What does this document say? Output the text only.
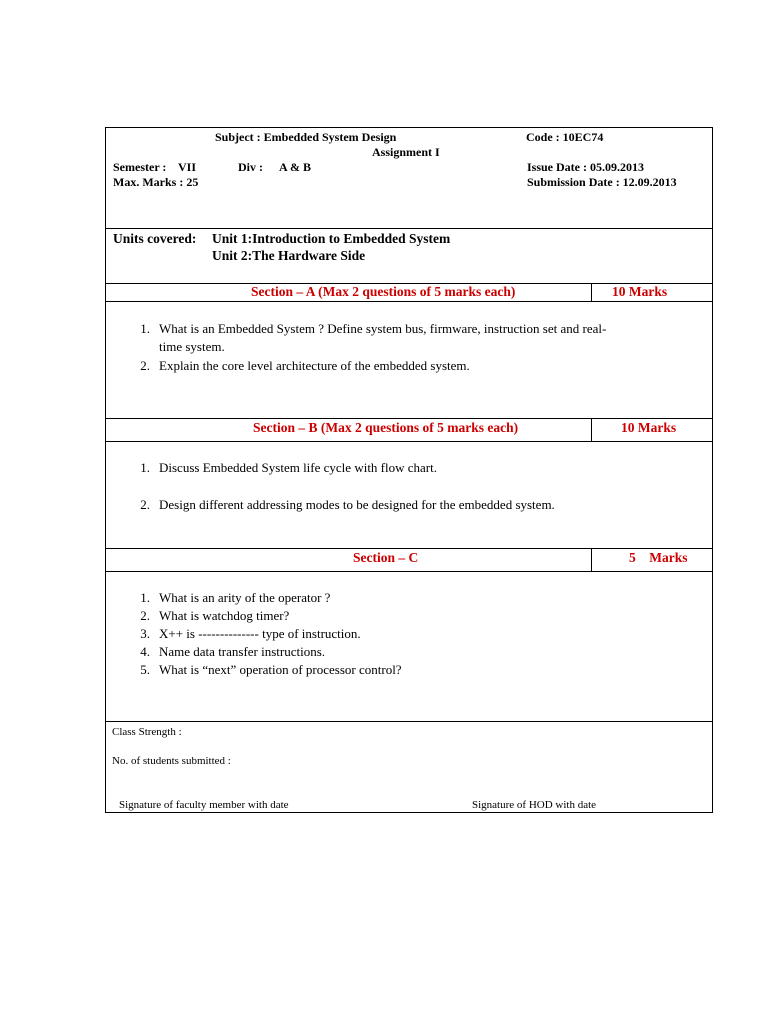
Subject : Embedded System Design	Code : 10EC74
Assignment I
Semester : VII	Div : A & B	Issue Date : 05.09.2013
Max. Marks : 25	Submission Date : 12.09.2013
Units covered: Unit 1:Introduction to Embedded System
Unit 2:The Hardware Side
Section – A (Max 2 questions of 5 marks each)	10 Marks
1. What is an Embedded System ? Define system bus, firmware, instruction set and real-
time system.
2. Explain the core level architecture of the embedded system.
Section – B (Max 2 questions of 5 marks each)	10 Marks
1. Discuss Embedded System life cycle with flow chart.
2. Design different addressing modes to be designed for the embedded system.
Section – C	5    Marks
1. What is an arity of the operator ?
2. What is watchdog timer?
3. X++ is -------------- type of instruction.
4. Name data transfer instructions.
5. What is “next” operation of processor control?
Class Strength :
No. of students submitted :
Signature of faculty member with date	Signature of HOD with date
